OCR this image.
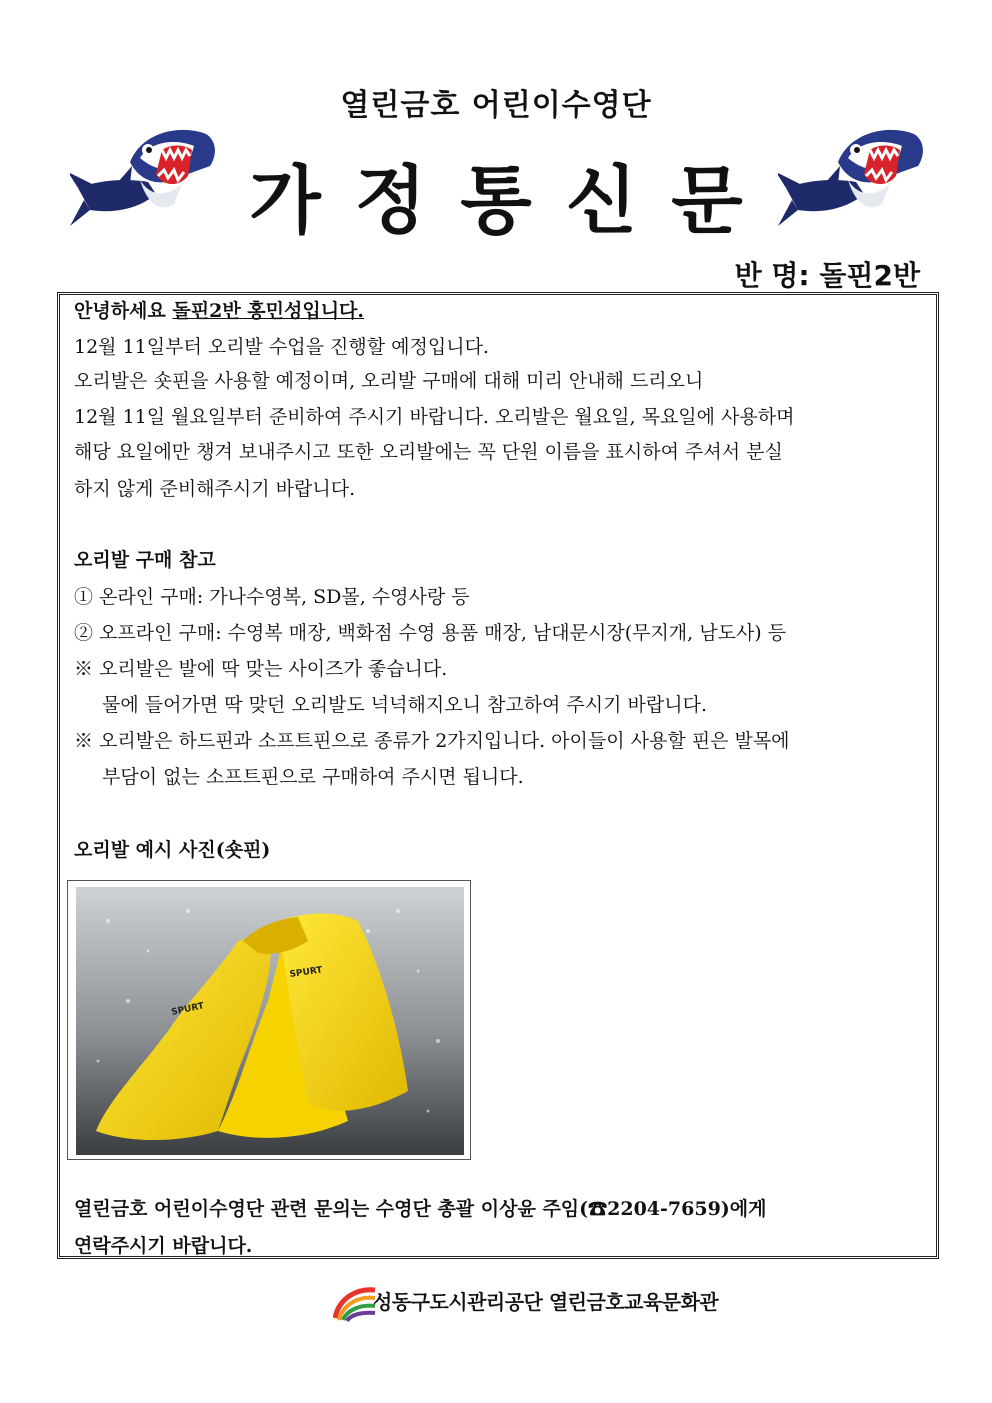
열린금호 어린이수영단
가정통신문
반 명: 돌핀2반
안녕하세요 돌핀2반 홍민성입니다.
12월 11일부터 오리발 수업을 진행할 예정입니다.
오리발은 숏핀을 사용할 예정이며, 오리발 구매에 대해 미리 안내해 드리오니
12월 11일 월요일부터 준비하여 주시기 바랍니다. 오리발은 월요일, 목요일에 사용하며
해당 요일에만 챙겨 보내주시고 또한 오리발에는 꼭 단원 이름을 표시하여 주셔서 분실
하지 않게 준비해주시기 바랍니다.
오리발 구매 참고
① 온라인 구매: 가나수영복, SD몰, 수영사랑 등
② 오프라인 구매: 수영복 매장, 백화점 수영 용품 매장, 남대문시장(무지개, 남도사) 등
※ 오리발은 발에 딱 맞는 사이즈가 좋습니다.
물에 들어가면 딱 맞던 오리발도 넉넉해지오니 참고하여 주시기 바랍니다.
※ 오리발은 하드핀과 소프트핀으로 종류가 2가지입니다. 아이들이 사용할 핀은 발목에
부담이 없는 소프트핀으로 구매하여 주시면 됩니다.
오리발 예시 사진(숏핀)
SPURT
SPURT
열린금호 어린이수영단 관련 문의는 수영단 총괄 이상윤 주임(☎2204-7659)에게
연락주시기 바랍니다.
성동구도시관리공단 열린금호교육문화관
